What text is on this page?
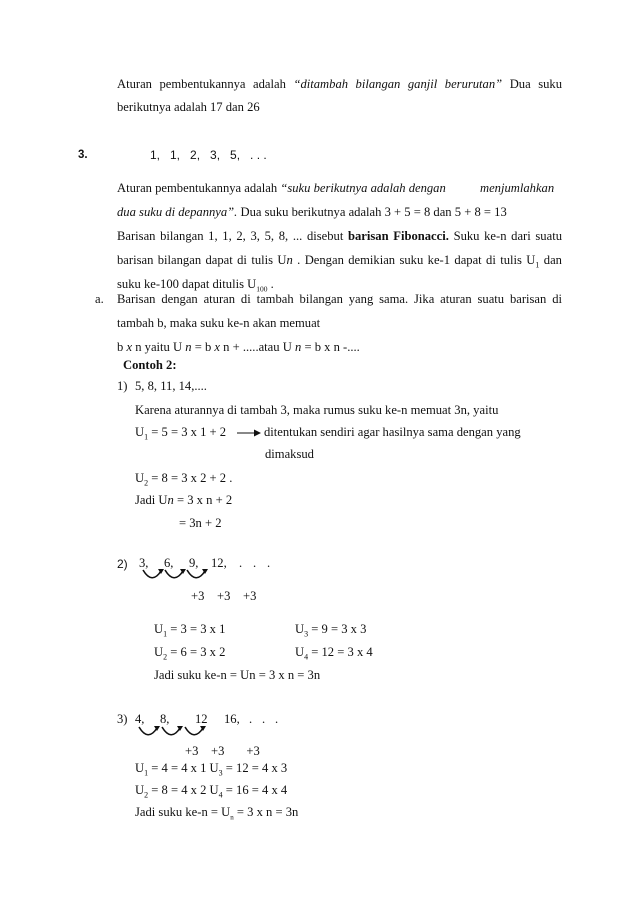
Aturan pembentukannya adalah “ditambah bilangan ganjil berurutan” Dua suku
berikutnya adalah 17 dan 26
3.	1,   1,   2,   3,   5,   . . .
Aturan pembentukannya adalah “suku berikutnya adalah dengan	menjumlahkan
dua suku di depannya”. Dua suku berikutnya adalah 3 + 5 = 8 dan 5 + 8 = 13
Barisan bilangan 1, 1, 2, 3, 5, 8, ... disebut barisan Fibonacci. Suku ke-n dari suatu
barisan bilangan dapat di tulis Un . Dengan demikian suku ke-1 dapat di tulis $U_1$ dan
suku ke-100 dapat ditulis $U_{100}$ .
a. Barisan dengan aturan di tambah bilangan yang sama. Jika aturan suatu barisan di
tambah b, maka suku ke-n akan memuat
b x n yaitu U n = b x n + .....atau U n = b x n -....
Contoh 2:
1) 5, 8, 11, 14,....
Karena aturannya di tambah 3, maka rumus suku ke-n memuat 3n, yaitu
$U_1 = 5 = 3$ x 1 + 2	ditentukan sendiri agar hasilnya sama dengan yang
dimaksud
$U_2 = 8 = 3$ x 2 + 2 .
Jadi Un = 3 x n + 2
= 3n + 2
2) 3, 6, 9, 12, . . .
+3    +3    +3
$U_1 = 3 = 3$ x 1	$U_3 = 9 = 3$ x 3
$U_2 = 6 = 3$ x 2	$U_4 = 12 = 3$ x 4
Jadi suku ke-n = Un = 3 x n = 3n
3) 4, 8, 12 16, . . .
+3    +3       +3
$U_1 = 4 = 4$ x 1 $U_3 = 12 = 4$ x 3
$U_2 = 8 = 4$ x 2 $U_4 = 16 = 4$ x 4
Jadi suku $ke-n = U_n = 3$ x n = 3n
